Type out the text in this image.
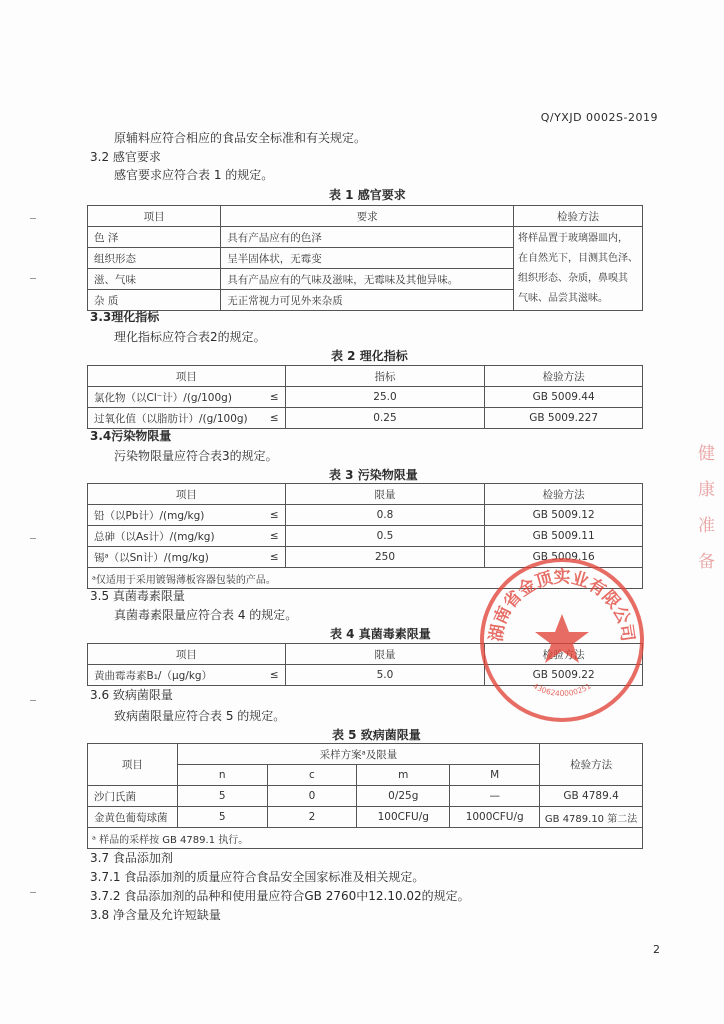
Q/YXJD 0002S-2019
原辅料应符合相应的食品安全标准和有关规定。
3.2 感官要求
感官要求应符合表 1 的规定。
表 1 感官要求
项目	要求	检验方法
色 泽	具有产品应有的色泽	将样品置于玻璃器皿内，
在自然光下，目测其色泽、
组织形态、杂质，鼻嗅其
气味、品尝其滋味。

组织形态	呈半固体状，无霉变	
滋、气味	具有产品应有的气味及滋味，无霉味及其他异味。	
杂 质	无正常视力可见外来杂质	
3.3理化指标
理化指标应符合表2的规定。
表 2 理化指标
项目		指标	检验方法
氯化物（以Cl⁻计）/(g/100g)	≤	25.0	GB 5009.44
过氧化值（以脂肪计）/(g/100g)	≤	0.25	GB 5009.227
3.4污染物限量
污染物限量应符合表3的规定。
表 3 污染物限量
项目		限量	检验方法
铅（以Pb计）/(mg/kg)	≤	0.8	GB 5009.12
总砷（以As计）/(mg/kg)	≤	0.5	GB 5009.11
锡ᵃ（以Sn计）/(mg/kg)	≤	250	GB 5009.16
ᵃ仅适用于采用镀锡薄板容器包装的产品。			
3.5 真菌毒素限量
真菌毒素限量应符合表 4 的规定。
表 4 真菌毒素限量
项目		限量	检验方法
黄曲霉毒素B₁/（μg/kg）	≤	5.0	GB 5009.22
3.6 致病菌限量
致病菌限量应符合表 5 的规定。
表 5 致病菌限量
项目	采样方案ᵃ及限量				检验方法
	n	c	m	M	
沙门氏菌	5	0	0/25g	—	GB 4789.4
金黄色葡萄球菌	5	2	100CFU/g	1000CFU/g	GB 4789.10 第二法
ᵃ 样品的采样按 GB 4789.1 执行。					
3.7 食品添加剂
3.7.1 食品添加剂的质量应符合食品安全国家标准及相关规定。
3.7.2 食品添加剂的品种和使用量应符合GB 2760中12.10.02的规定。
3.8 净含量及允许短缺量
湖南省金顶实业有限公司
4306240000251
健康 准备
2
